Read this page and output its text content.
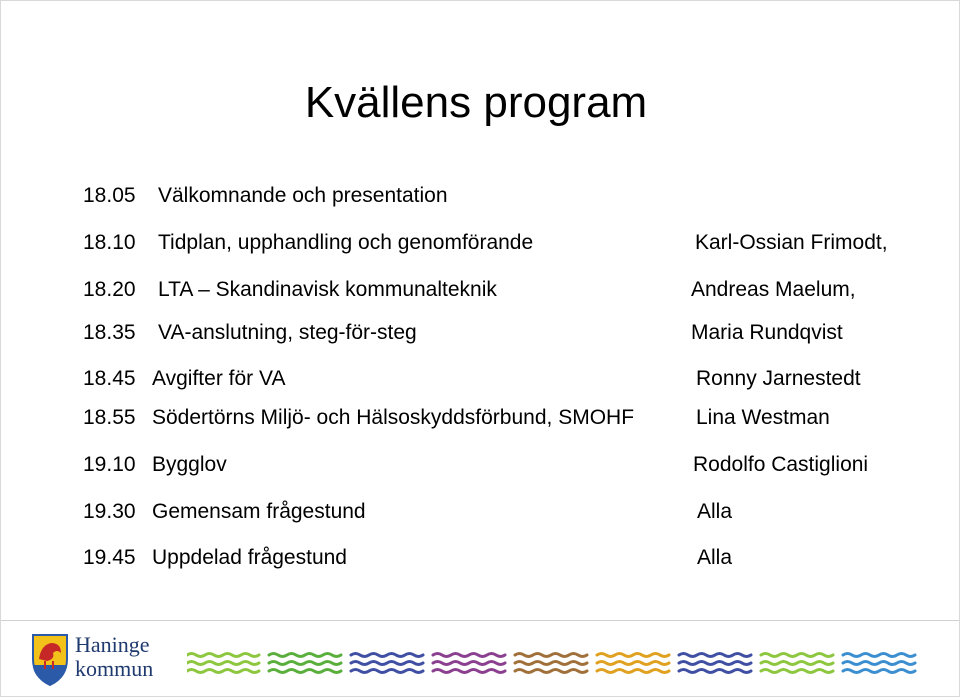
Kvällens program
18.05 Välkomnande och presentation
18.10 Tidplan, upphandling och genomförande	Karl-Ossian Frimodt,
18.20 LTA – Skandinavisk kommunalteknik	Andreas Maelum,
18.35 VA-anslutning, steg-för-steg	Maria Rundqvist
18.45 Avgifter för VA	Ronny Jarnestedt
18.55 Södertörns Miljö- och Hälsoskyddsförbund, SMOHF	Lina Westman
19.10 Bygglov	Rodolfo Castiglioni
19.30 Gemensam frågestund	Alla
19.45 Uppdelad frågestund	Alla
Haninge
kommun
